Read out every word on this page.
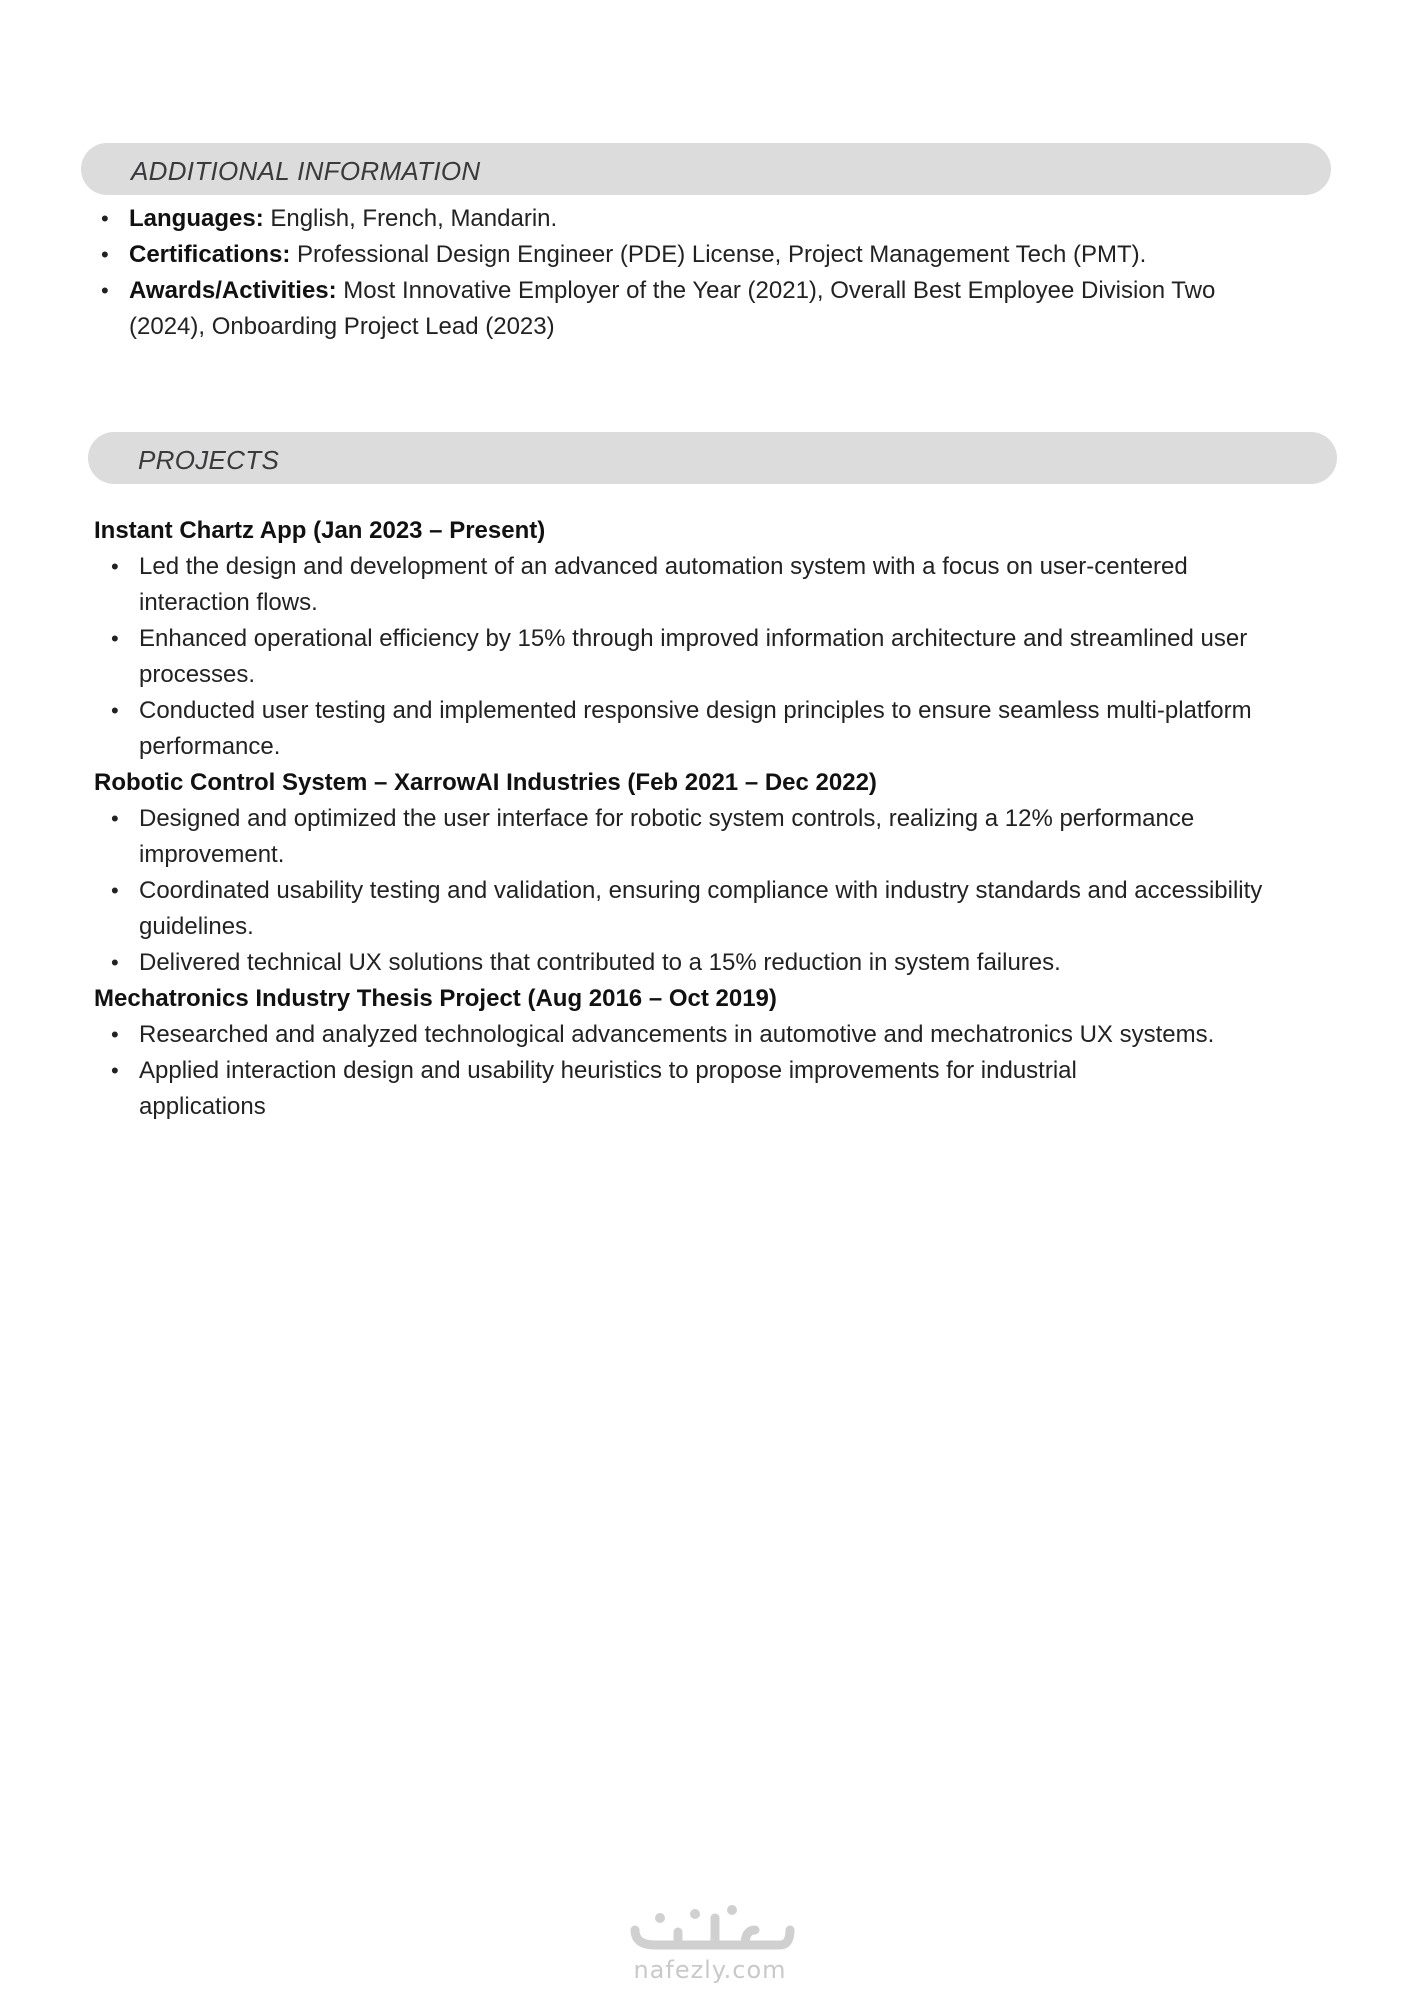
ADDITIONAL INFORMATION
• Languages: English, French, Mandarin.
• Certifications: Professional Design Engineer (PDE) License, Project Management Tech (PMT).
• Awards/Activities: Most Innovative Employer of the Year (2021), Overall Best Employee Division Two (2024), Onboarding Project Lead (2023)
PROJECTS
Instant Chartz App (Jan 2023 – Present)
• Led the design and development of an advanced automation system with a focus on user-centered interaction flows.
• Enhanced operational efficiency by 15% through improved information architecture and streamlined user processes.
• Conducted user testing and implemented responsive design principles to ensure seamless multi-platform performance.
Robotic Control System – XarrowAI Industries (Feb 2021 – Dec 2022)
• Designed and optimized the user interface for robotic system controls, realizing a 12% performance improvement.
• Coordinated usability testing and validation, ensuring compliance with industry standards and accessibility guidelines.
• Delivered technical UX solutions that contributed to a 15% reduction in system failures.
Mechatronics Industry Thesis Project (Aug 2016 – Oct 2019)
• Researched and analyzed technological advancements in automotive and mechatronics UX systems.
• Applied interaction design and usability heuristics to propose improvements for industrial applications
nafezly.com
